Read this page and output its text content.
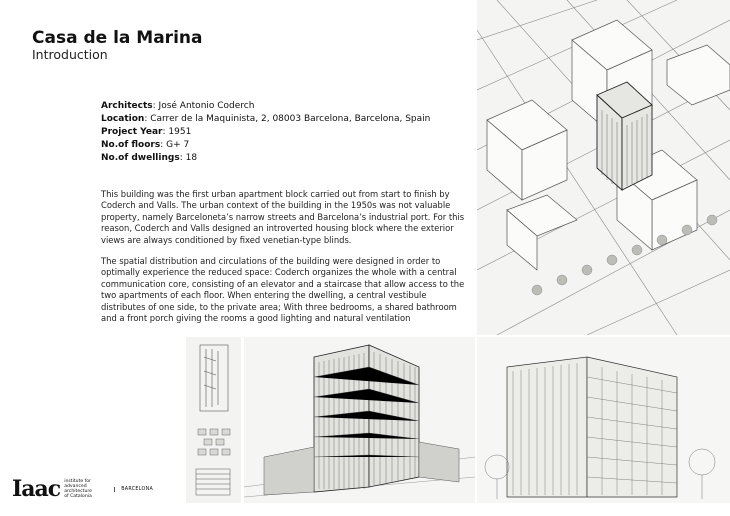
Casa de la Marina
Introduction
Architects: José Antonio Coderch
Location: Carrer de la Maquinista, 2, 08003 Barcelona, Barcelona, Spain
Project Year: 1951
No.of floors: G+ 7
No.of dwellings: 18
This building was the first urban apartment block carried out from start to finish by Coderch and Valls. The urban context of the building in the 1950s was not valuable property, namely Barceloneta’s narrow streets and Barcelona’s industrial port. For this reason, Coderch and Valls designed an introverted housing block where the exterior views are always conditioned by fixed venetian-type blinds.
The spatial distribution and circulations of the building were designed in order to optimally experience the reduced space: Coderch organizes the whole with a central communication core, consisting of an elevator and a staircase that allow access to the two apartments of each floor. When entering the dwelling, a central vestibule distributes of one side, to the private area; With three bedrooms, a shared bathroom and a front porch giving the rooms a good lighting and natural ventilation
Iaac institute for
advanced
architecture
of Catalonia
BARCELONA
